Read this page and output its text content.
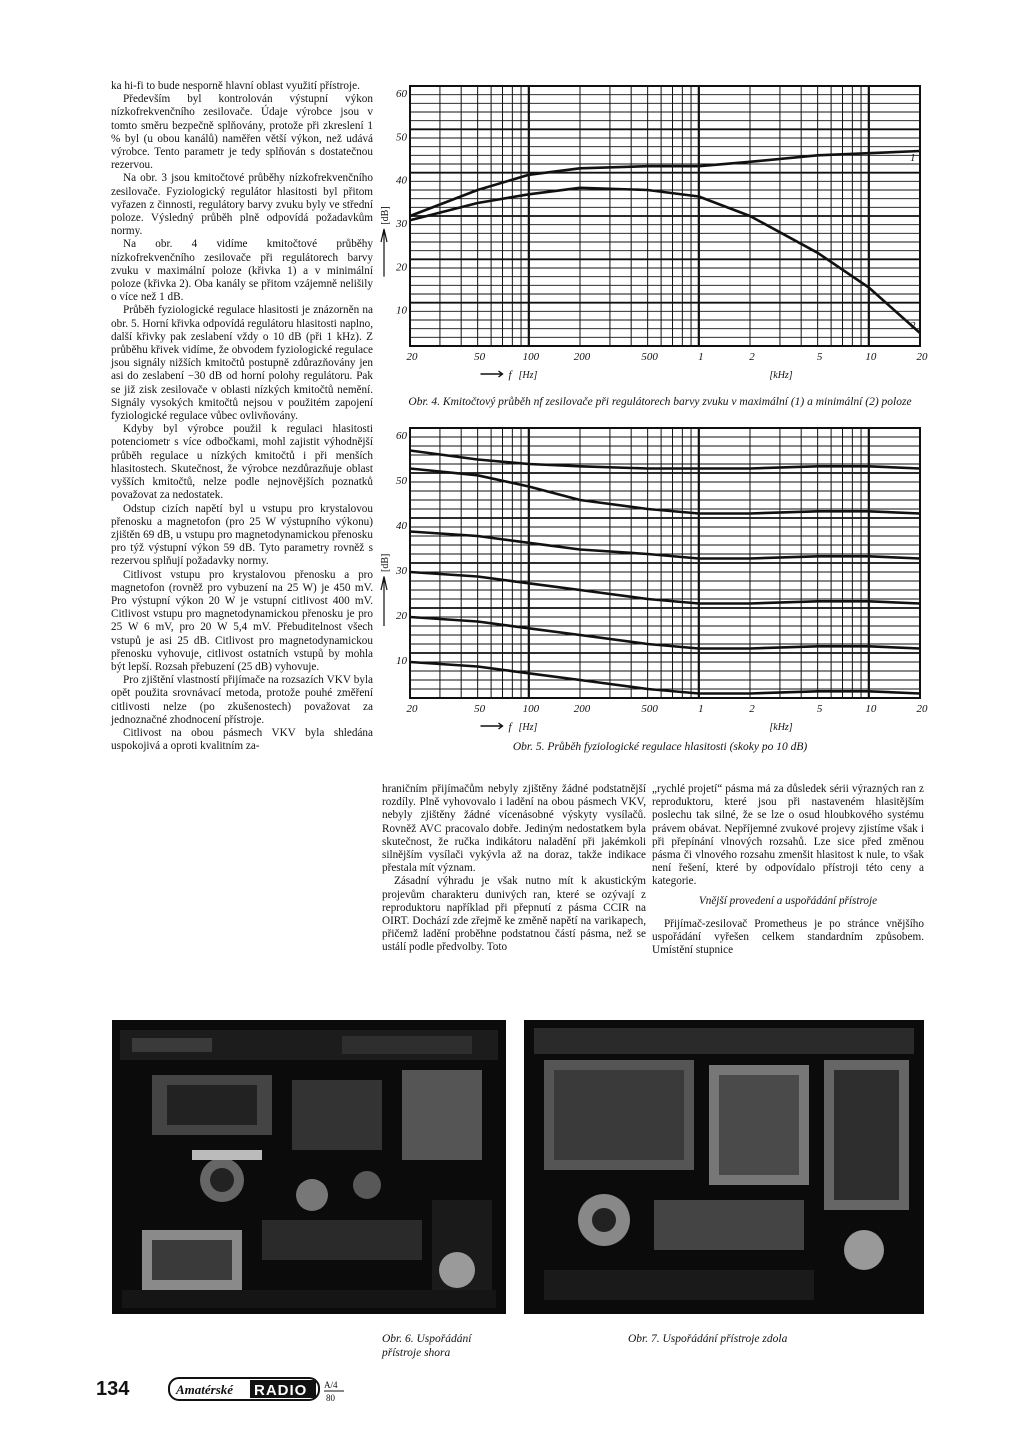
ka hi-fi to bude nesporně hlavní oblast využití přístroje.

Především byl kontrolován výstupní výkon nízkofrekvenčního zesilovače. Údaje výrobce jsou v tomto směru bezpečně splňovány, protože při zkreslení 1 % byl (u obou kanálů) naměřen větší výkon, než udává výrobce. Tento parametr je tedy splňován s dostatečnou rezervou.

Na obr. 3 jsou kmitočtové průběhy nízkofrekvenčního zesilovače. Fyziologický regulátor hlasitosti byl přitom vyřazen z činnosti, regulátory barvy zvuku byly ve střední poloze. Výsledný průběh plně odpovídá požadavkům normy.

Na obr. 4 vidíme kmitočtové průběhy nízkofrekvenčního zesilovače při regulátorech barvy zvuku v maximální poloze (křivka 1) a v minimální poloze (křivka 2). Oba kanály se přitom vzájemně nelišily o více než 1 dB.

Průběh fyziologické regulace hlasitosti je znázorněn na obr. 5. Horní křivka odpovídá regulátoru hlasitosti naplno, další křivky pak zeslabení vždy o 10 dB (při 1 kHz). Z průběhu křivek vidíme, že obvodem fyziologické regulace jsou signály nižších kmitočtů postupně zdůrazňovány jen asi do zeslabení −30 dB od horní polohy regulátoru. Pak se již zisk zesilovače v oblasti nízkých kmitočtů nemění. Signály vysokých kmitočtů nejsou v použitém zapojení fyziologické regulace vůbec ovlivňovány.

Kdyby byl výrobce použil k regulaci hlasitosti potenciometr s více odbočkami, mohl zajistit výhodnější průběh regulace u nízkých kmitočtů i při menších hlasitostech. Skutečnost, že výrobce nezdůrazňuje oblast vyšších kmitočtů, nelze podle nejnovějších poznatků považovat za nedostatek.

Odstup cizích napětí byl u vstupu pro krystalovou přenosku a magnetofon (pro 25 W výstupního výkonu) zjištěn 69 dB, u vstupu pro magnetodynamickou přenosku pro týž výstupní výkon 59 dB. Tyto parametry rovněž s rezervou splňují požadavky normy.

Citlivost vstupu pro krystalovou přenosku a pro magnetofon (rovněž pro vybuzení na 25 W) je 450 mV. Pro výstupní výkon 20 W je vstupní citlivost 400 mV. Citlivost vstupu pro magnetodynamickou přenosku je pro 25 W 6 mV, pro 20 W 5,4 mV. Přebuditelnost všech vstupů je asi 25 dB. Citlivost pro magnetodynamickou přenosku vyhovuje, citlivost ostatních vstupů by mohla být lepší. Rozsah přebuzení (25 dB) vyhovuje.

Pro zjištění vlastností přijímače na rozsazích VKV byla opět použita srovnávací metoda, protože pouhé změření citlivosti nelze (po zkušenostech) považovat za jednoznačné zhodnocení přístroje.

Citlivost na obou pásmech VKV byla shledána uspokojivá a oproti kvalitním za-

60
50
40
30
20
10
[dB]
20	50	100	200	500	1	2	5	10	20
f [Hz]	[kHz]
1
2
Obr. 4. Kmitočtový průběh nf zesilovače při regulátorech barvy zvuku v maximální (1) a minimální (2) poloze
60
50
40
30
20
10
[dB]
20	50	100	200	500	1	2	5	10	20
f [Hz]	[kHz]
Obr. 5. Průběh fyziologické regulace hlasitosti (skoky po 10 dB)

hraničním přijímačům nebyly zjištěny žádné podstatnější rozdíly. Plně vyhovovalo i ladění na obou pásmech VKV, nebyly zjištěny žádné vícenásobné výskyty vysílačů. Rovněž AVC pracovalo dobře. Jediným nedostatkem byla skutečnost, že ručka indikátoru naladění při jakémkoli silnějším vysílači vykývla až na doraz, takže indikace přestala mít význam.

Zásadní výhradu je však nutno mít k akustickým projevům charakteru dunivých ran, které se ozývají z reproduktoru například při přepnutí z pásma CCIR na OIRT. Dochází zde zřejmě ke změně napětí na varikapech, přičemž ladění proběhne podstatnou částí pásma, než se ustálí podle předvolby. Toto

„rychlé projetí“ pásma má za důsledek sérii výrazných ran z reproduktoru, které jsou při nastaveném hlasitějším poslechu tak silné, že se lze o osud hloubkového systému právem obávat. Nepříjemné zvukové projevy zjistíme však i při přepínání vlnových rozsahů. Lze sice před změnou pásma či vlnového rozsahu zmenšit hlasitost k nule, to však není řešení, které by odpovídalo přístroji této ceny a kategorie.

Vnější provedení a uspořádání přístroje

Přijímač-zesilovač Prometheus je po stránce vnějšího uspořádání vyřešen celkem standardním způsobem. Umístění stupnice

Obr. 6. Uspořádání přístroje shora
Obr. 7. Uspořádání přístroje zdola
134	Amatérské RADIO A/4
80
